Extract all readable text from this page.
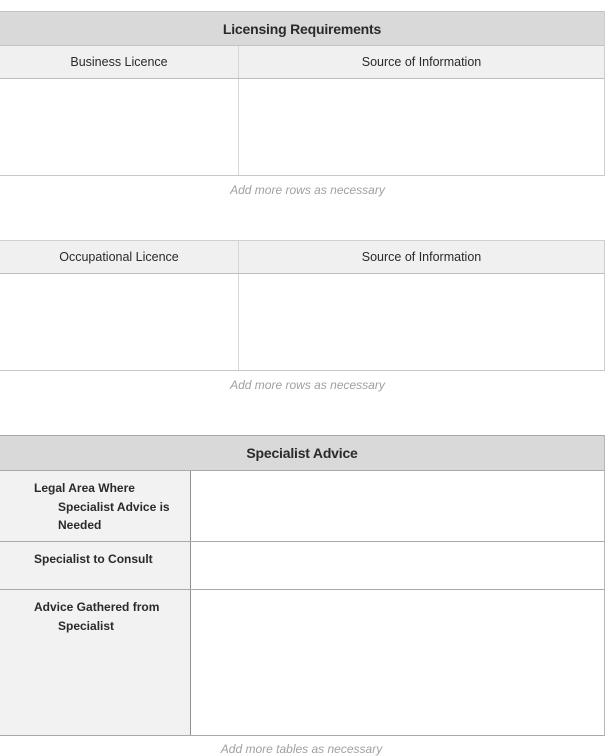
Licensing Requirements
Business Licence	Source of Information
Add more rows as necessary
Occupational Licence	Source of Information
Add more rows as necessary
Specialist Advice
Legal Area Where
Specialist Advice is
Needed
Specialist to Consult
Advice Gathered from
Specialist
Add more tables as necessary
